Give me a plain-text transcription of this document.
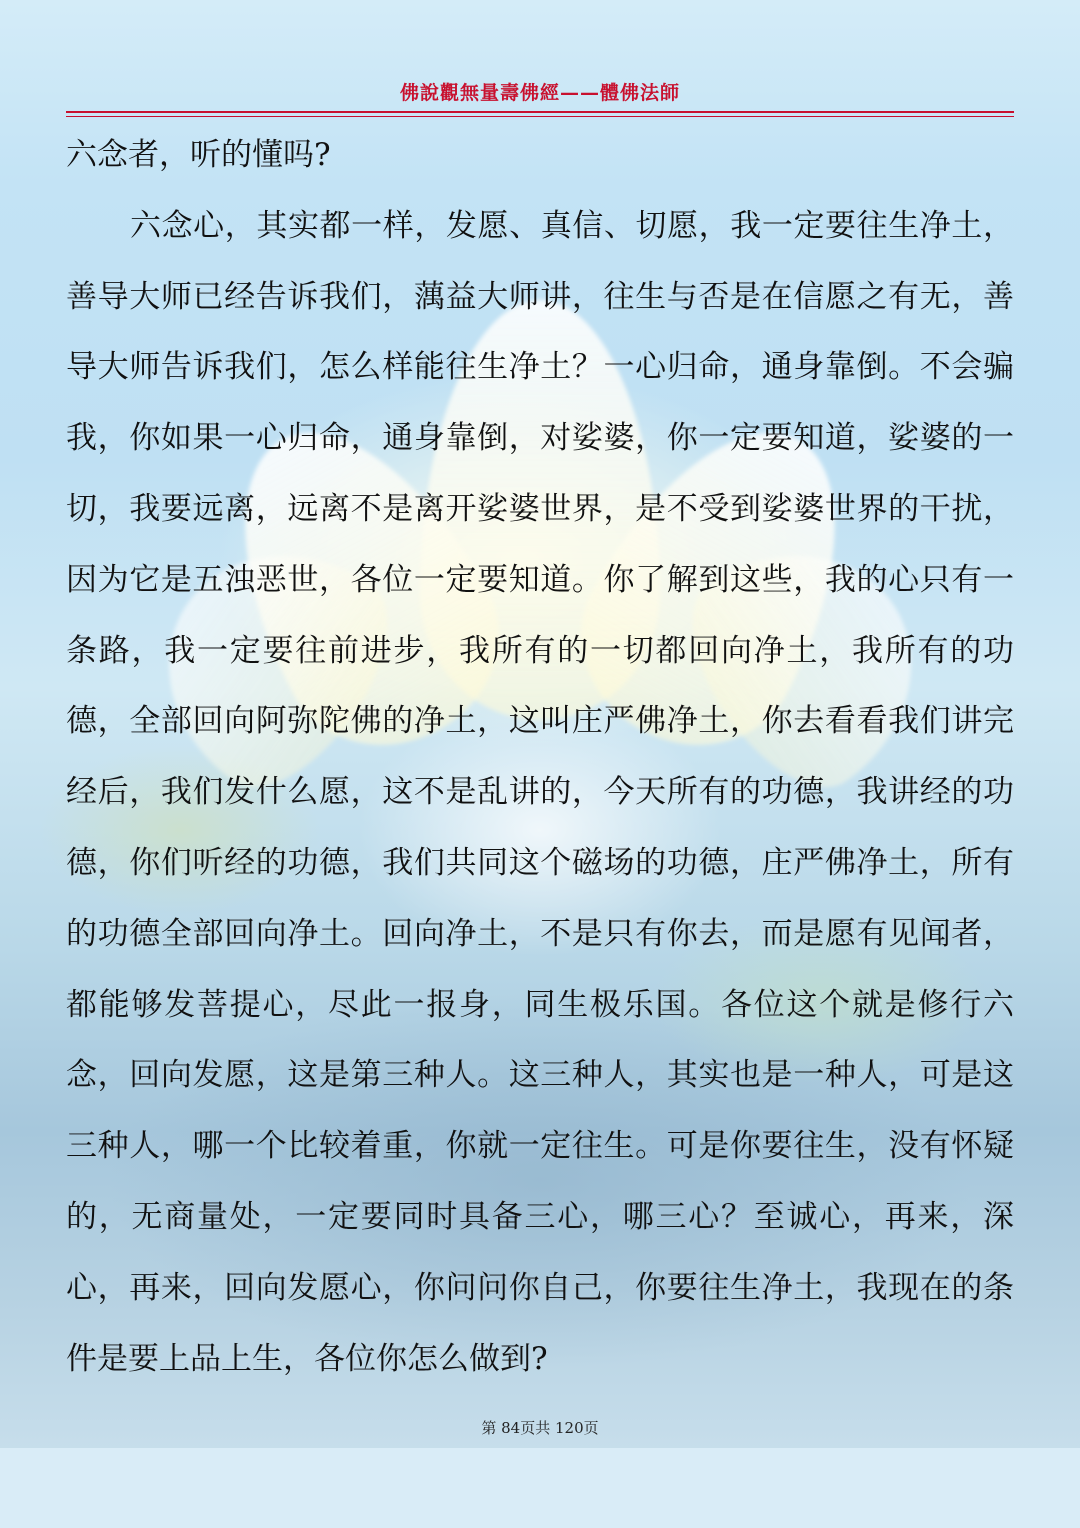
佛說觀無量壽佛經——體佛法師

六念者，听的懂吗?

六念心，其实都一样，发愿、真信、切愿，我一定要往生净土，善导大师已经告诉我们，蕅益大师讲，往生与否是在信愿之有无，善导大师告诉我们，怎么样能往生净土？一心归命，通身靠倒。不会骗我，你如果一心归命，通身靠倒，对娑婆，你一定要知道，娑婆的一切，我要远离，远离不是离开娑婆世界，是不受到娑婆世界的干扰，因为它是五浊恶世，各位一定要知道。你了解到这些，我的心只有一条路，我一定要往前进步，我所有的一切都回向净土，我所有的功德，全部回向阿弥陀佛的净土，这叫庄严佛净土，你去看看我们讲完经后，我们发什么愿，这不是乱讲的，今天所有的功德，我讲经的功德，你们听经的功德，我们共同这个磁场的功德，庄严佛净土，所有的功德全部回向净土。回向净土，不是只有你去，而是愿有见闻者，都能够发菩提心，尽此一报身，同生极乐国。各位这个就是修行六念，回向发愿，这是第三种人。这三种人，其实也是一种人，可是这三种人，哪一个比较着重，你就一定往生。可是你要往生，没有怀疑的，无商量处，一定要同时具备三心，哪三心？至诚心，再来，深心，再来，回向发愿心，你问问你自己，你要往生净土，我现在的条件是要上品上生，各位你怎么做到?

第 84页共 120页
